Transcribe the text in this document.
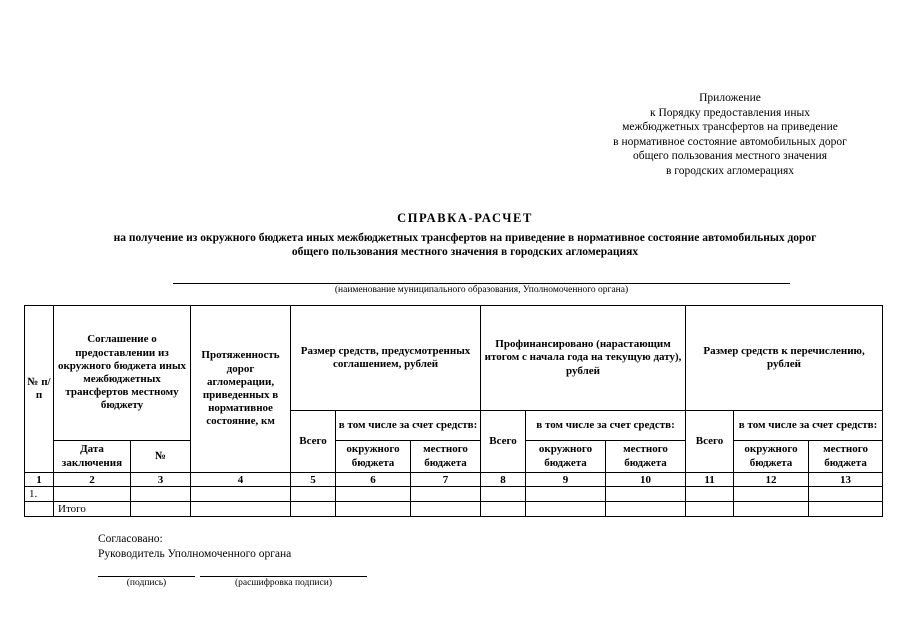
Приложение
к Порядку предоставления иных
межбюджетных трансфертов на приведение
в нормативное состояние автомобильных дорог
общего пользования местного значения
в городских агломерациях
СПРАВКА-РАСЧЕТ
на получение из окружного бюджета иных межбюджетных трансфертов на приведение в нормативное состояние автомобильных дорог
общего пользования местного значения в городских агломерациях
(наименование муниципального образования, Уполномоченного органа)
№ п/п	Соглашение о предоставлении из окружного бюджета иных межбюджетных трансфертов местному бюджету		Протяженность дорог агломерации, приведенных в нормативное состояние, км	Размер средств, предусмотренных соглашением, рублей			Профинансировано (нарастающим итогом с начала года на текущую дату), рублей			Размер средств к перечислению, рублей		
				Всего	в том числе за счет средств:		Всего	в том числе за счет средств:		Всего	в том числе за счет средств:	
	Дата заключения	№			окружного бюджета	местного бюджета		окружного бюджета	местного бюджета		окружного бюджета	местного бюджета
1	2	3	4	5	6	7	8	9	10	11	12	13
1.												
	Итого											
Согласовано:
Руководитель Уполномоченного органа
(подпись)	(расшифровка подписи)
